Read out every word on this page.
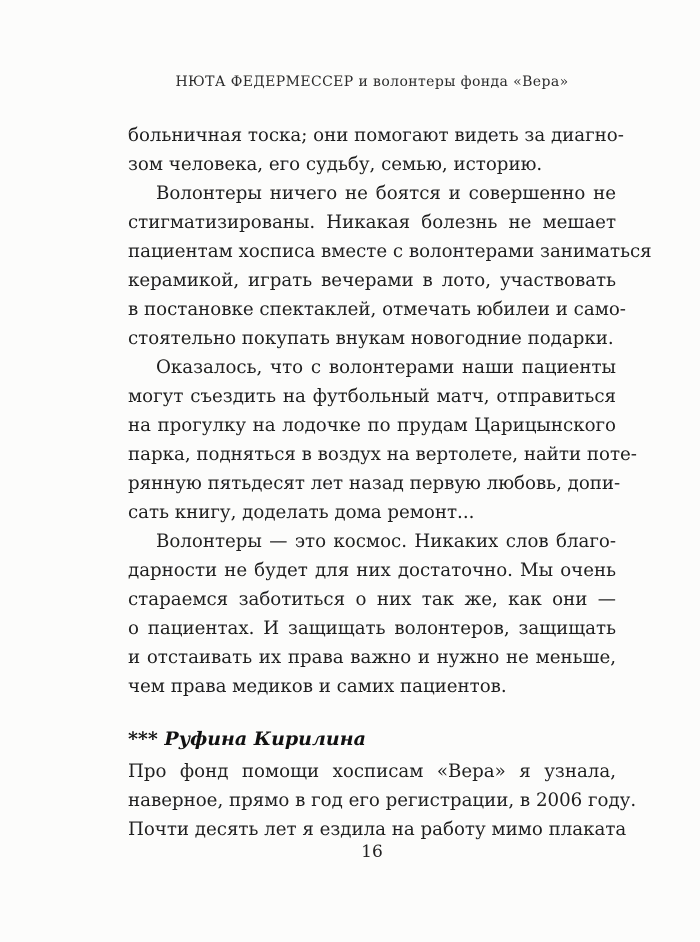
НЮТА ФЕДЕРМЕССЕР и волонтеры фонда «Вера»
больничная тоска; они помогают видеть за диагно-
зом человека, его судьбу, семью, историю.
Волонтеры ничего не боятся и совершенно не
стигматизированы. Никакая болезнь не мешает
пациентам хосписа вместе с волонтерами заниматься
керамикой, играть вечерами в лото, участвовать
в постановке спектаклей, отмечать юбилеи и само-
стоятельно покупать внукам новогодние подарки.
Оказалось, что с волонтерами наши пациенты
могут съездить на футбольный матч, отправиться
на прогулку на лодочке по прудам Царицынского
парка, подняться в воздух на вертолете, найти поте-
рянную пятьдесят лет назад первую любовь, допи-
сать книгу, доделать дома ремонт...
Волонтеры — это космос. Никаких слов благо-
дарности не будет для них достаточно. Мы очень
стараемся заботиться о них так же, как они —
о пациентах. И защищать волонтеров, защищать
и отстаивать их права важно и нужно не меньше,
чем права медиков и самих пациентов.
*** Руфина Кирилина
Про фонд помощи хосписам «Вера» я узнала,
наверное, прямо в год его регистрации, в 2006 году.
Почти десять лет я ездила на работу мимо плаката
16
